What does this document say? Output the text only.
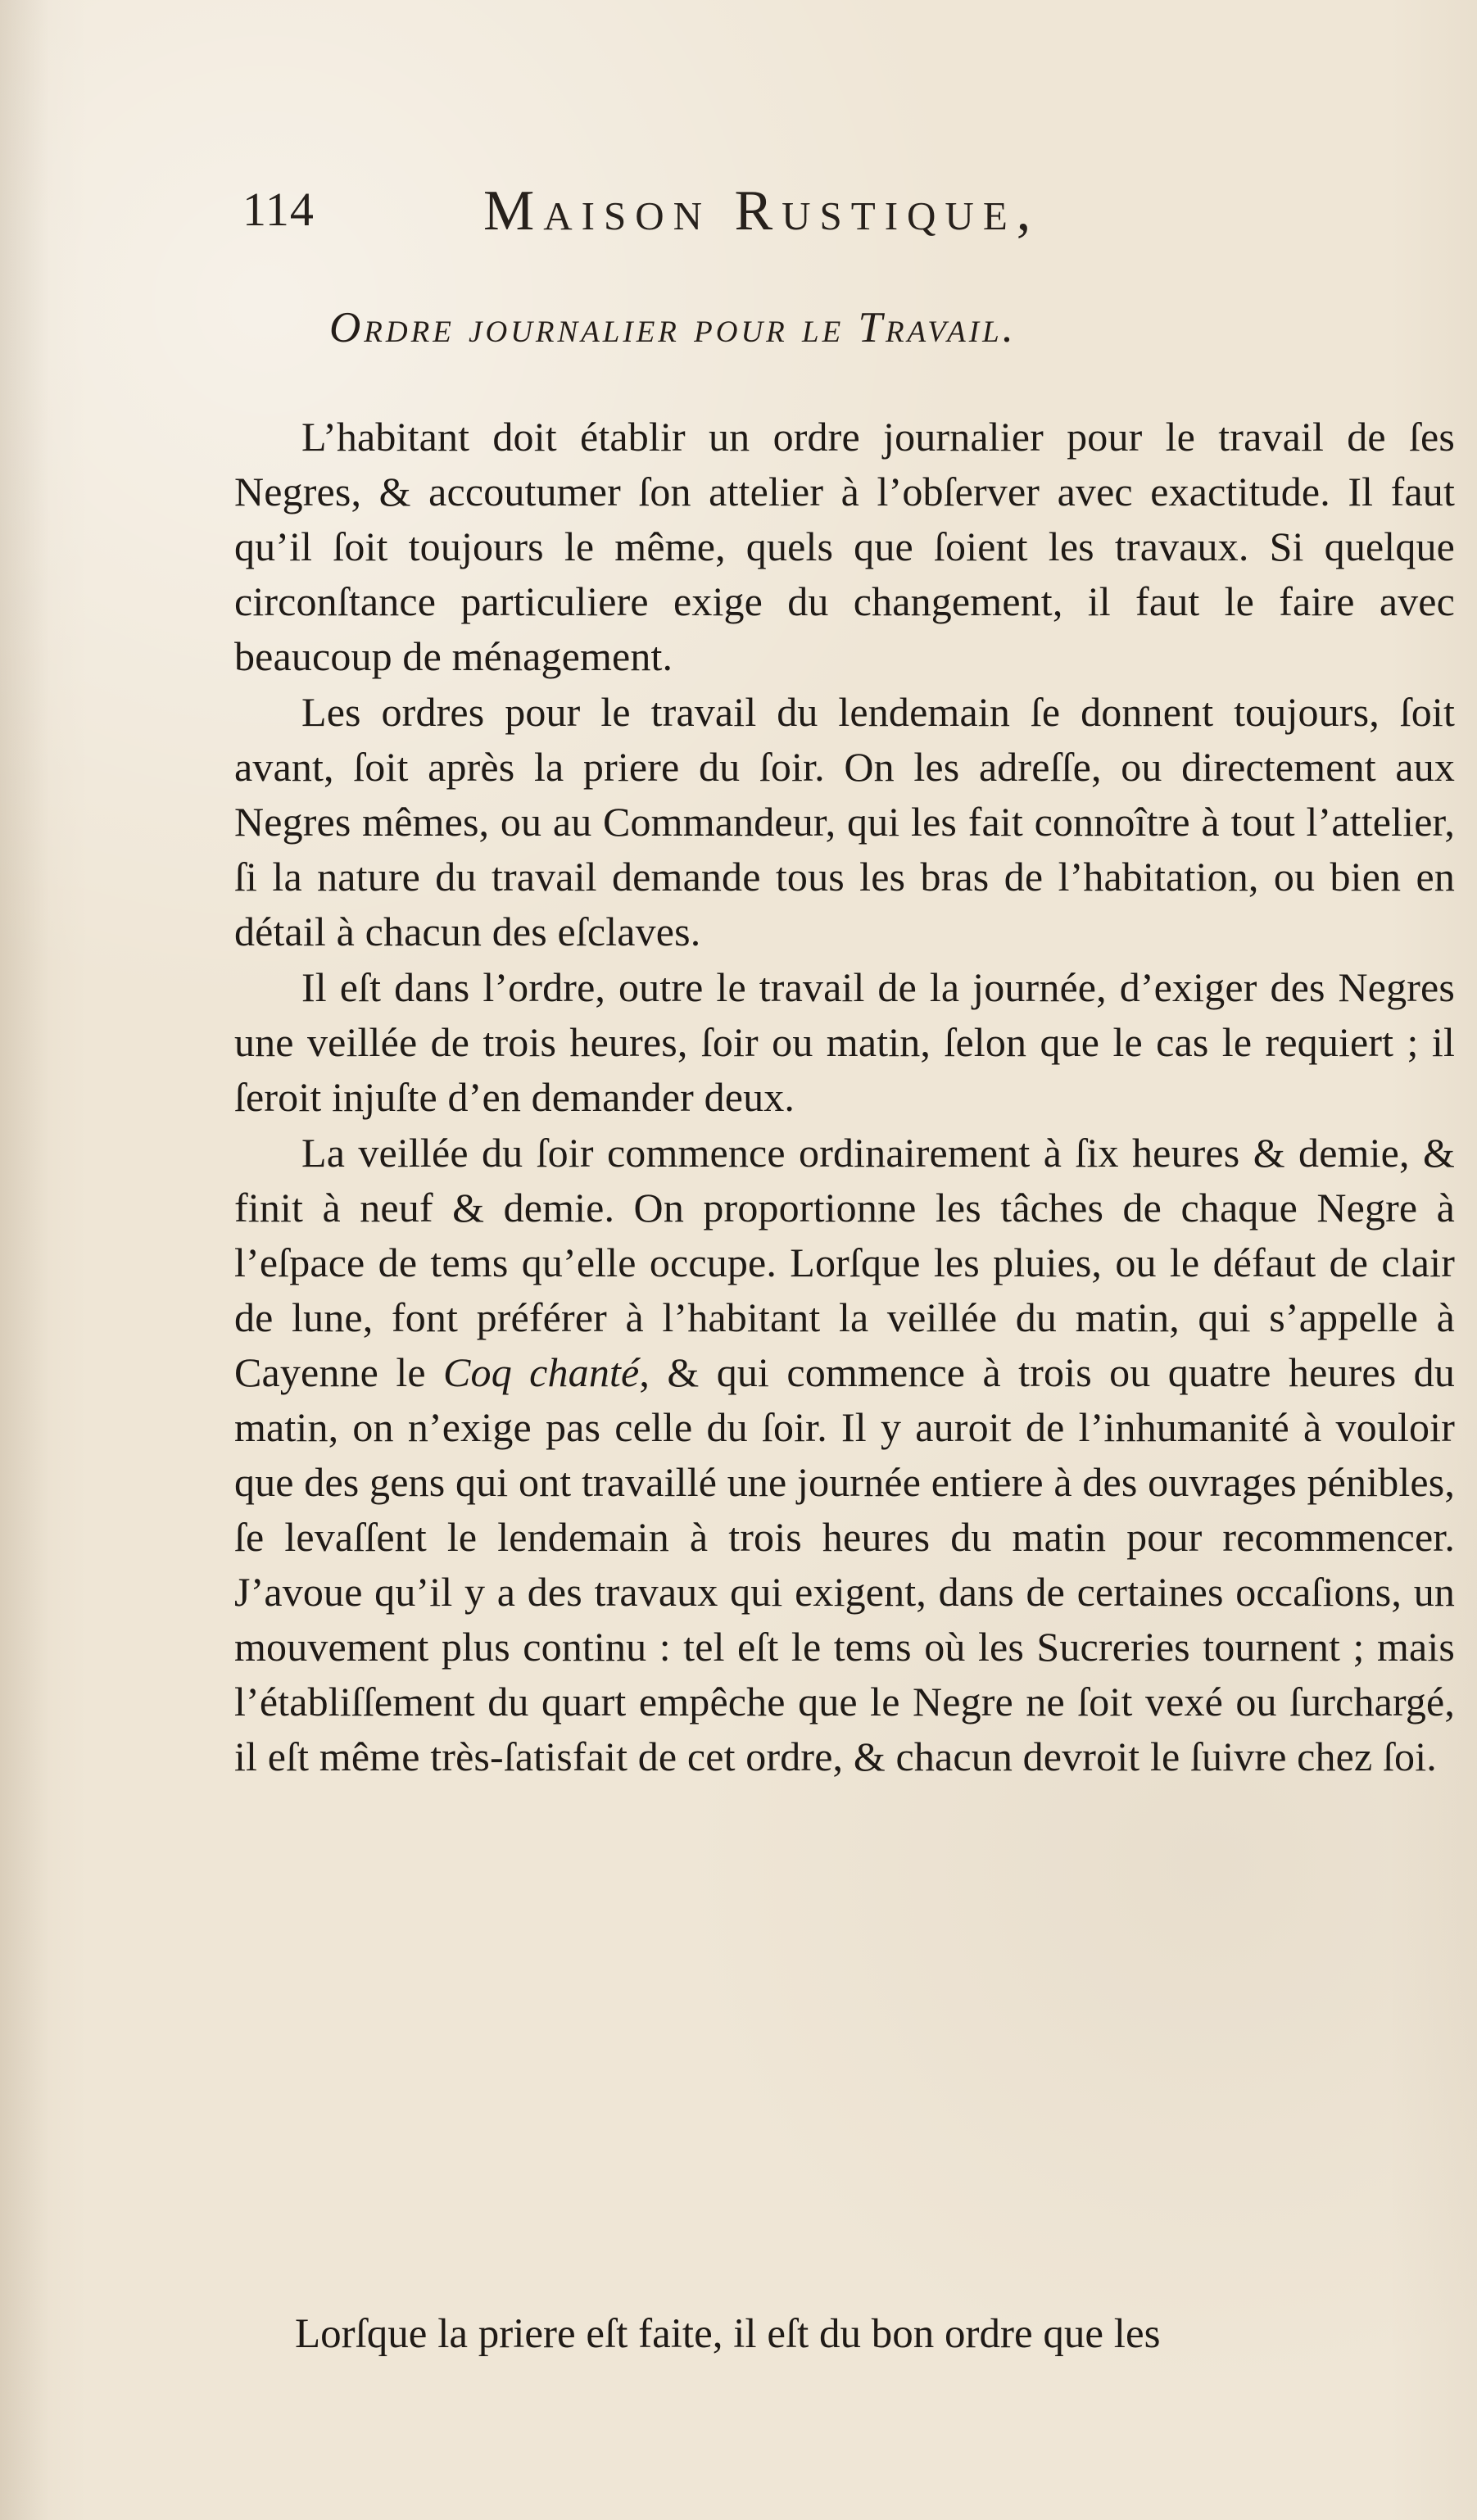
114	Maison Rustique,
Ordre journalier pour le Travail.

L’habitant doit établir un ordre journalier pour le travail de ſes Negres, & accoutumer ſon attelier à l’obſerver avec exactitude. Il faut qu’il ſoit toujours le même, quels que ſoient les travaux. Si quelque circonſtance particuliere exige du changement, il faut le faire avec beaucoup de ménagement.

Les ordres pour le travail du lendemain ſe donnent toujours, ſoit avant, ſoit après la priere du ſoir. On les adreſſe, ou directement aux Negres mêmes, ou au Commandeur, qui les fait connoître à tout l’attelier, ſi la nature du travail demande tous les bras de l’habitation, ou bien en détail à chacun des eſclaves.

Il eſt dans l’ordre, outre le travail de la journée, d’exiger des Negres une veillée de trois heures, ſoir ou matin, ſelon que le cas le requiert ; il ſeroit injuſte d’en demander deux.

La veillée du ſoir commence ordinairement à ſix heures & demie, & finit à neuf & demie. On proportionne les tâches de chaque Negre à l’eſpace de tems qu’elle occupe. Lorſque les pluies, ou le défaut de clair de lune, font préférer à l’habitant la veillée du matin, qui s’appelle à Cayenne le Coq chanté, & qui commence à trois ou quatre heures du matin, on n’exige pas celle du ſoir. Il y auroit de l’inhumanité à vouloir que des gens qui ont travaillé une journée entiere à des ouvrages pénibles, ſe levaſſent le lendemain à trois heures du matin pour recommencer. J’avoue qu’il y a des travaux qui exigent, dans de certaines occaſions, un mouvement plus continu : tel eſt le tems où les Sucreries tournent ; mais l’établiſſement du quart empêche que le Negre ne ſoit vexé ou ſurchargé, il eſt même très-ſatisfait de cet ordre, & chacun devroit le ſuivre chez ſoi.

Lorſque la priere eſt faite, il eſt du bon ordre que les
